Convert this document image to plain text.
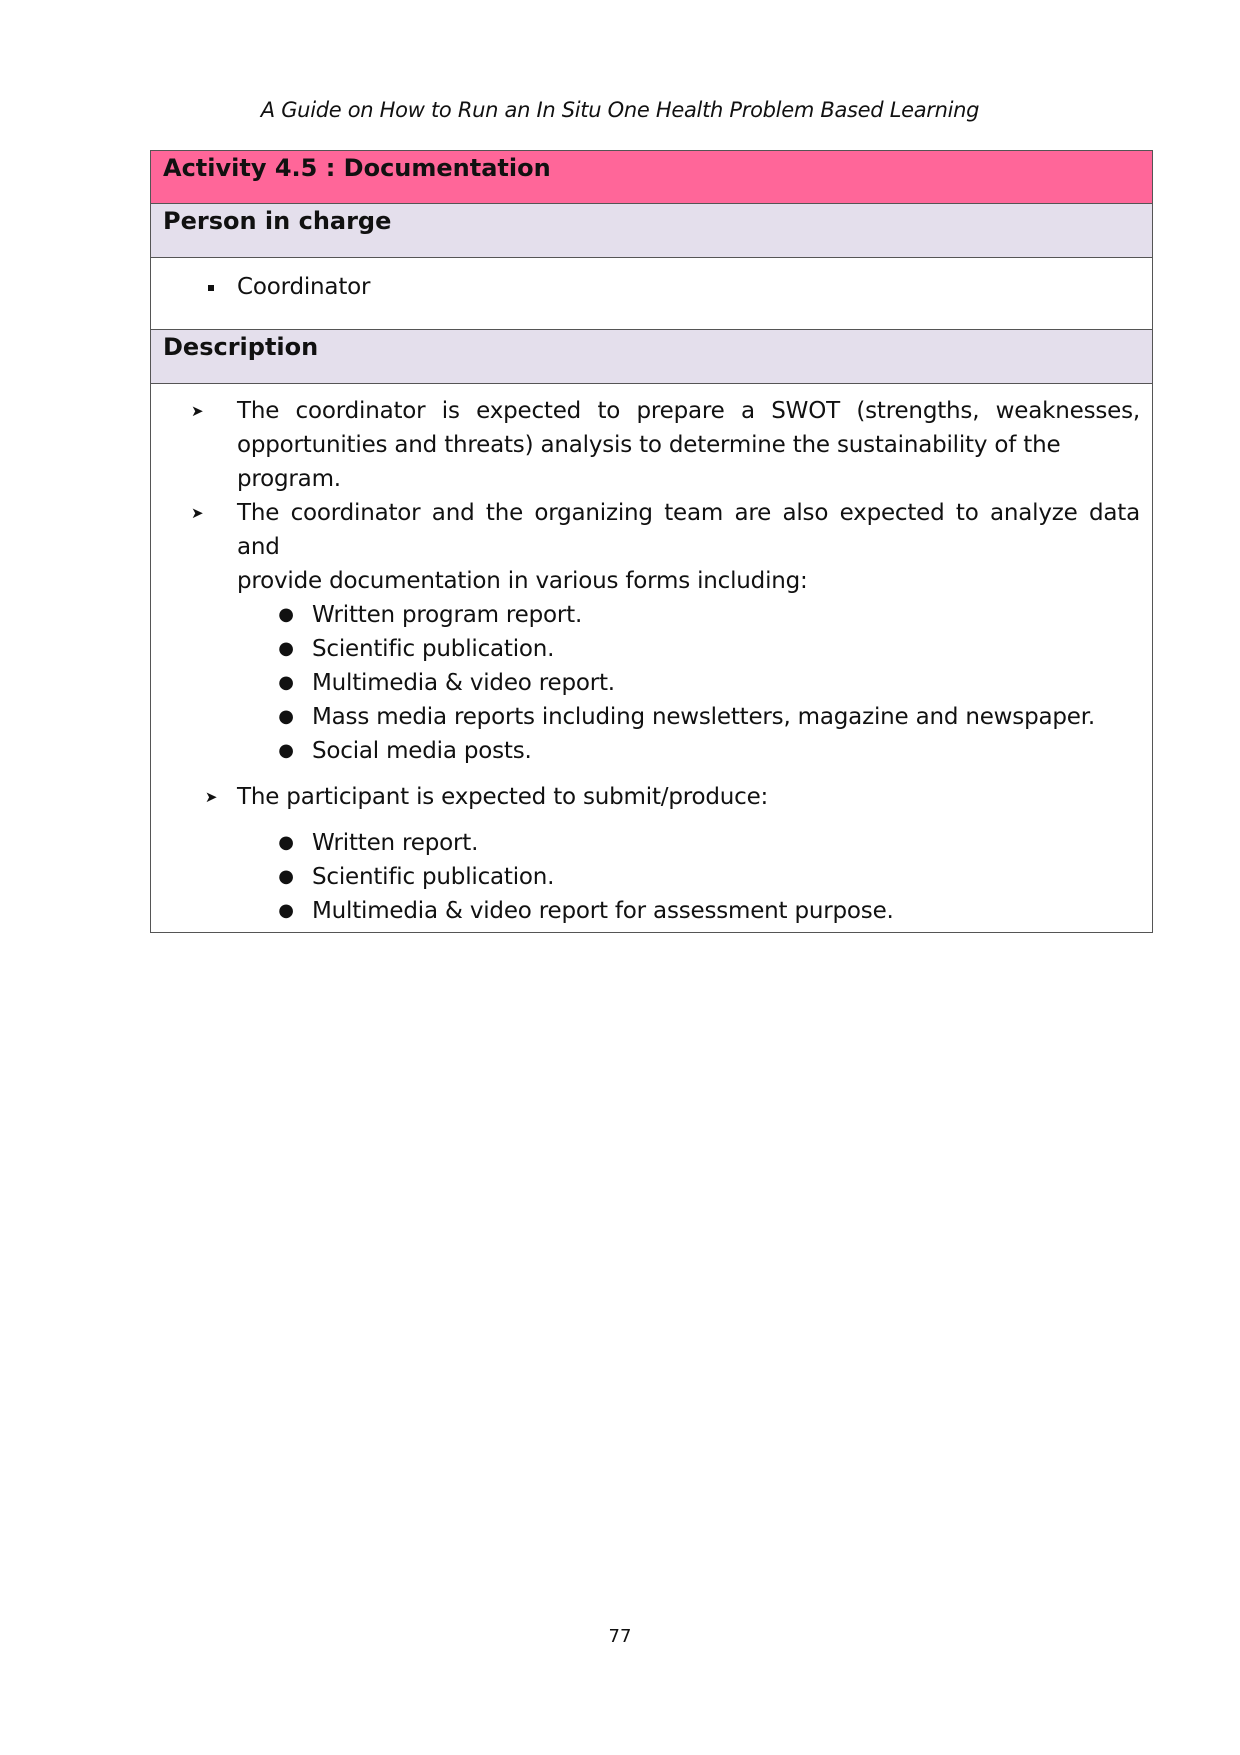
A Guide on How to Run an In Situ One Health Problem Based Learning
Activity 4.5 : Documentation
Person in charge

Coordinator

Description

➤	The coordinator is expected to prepare a SWOT (strengths, weaknesses,
opportunities and threats) analysis to determine the sustainability of the program.
➤	The coordinator and the organizing team are also expected to analyze data and
provide documentation in various forms including:
● Written program report.
● Scientific publication.
● Multimedia & video report.
● Mass media reports including newsletters, magazine and newspaper.
● Social media posts.
➤ The participant is expected to submit/produce:
● Written report.
● Scientific publication.
● Multimedia & video report for assessment purpose.
77
